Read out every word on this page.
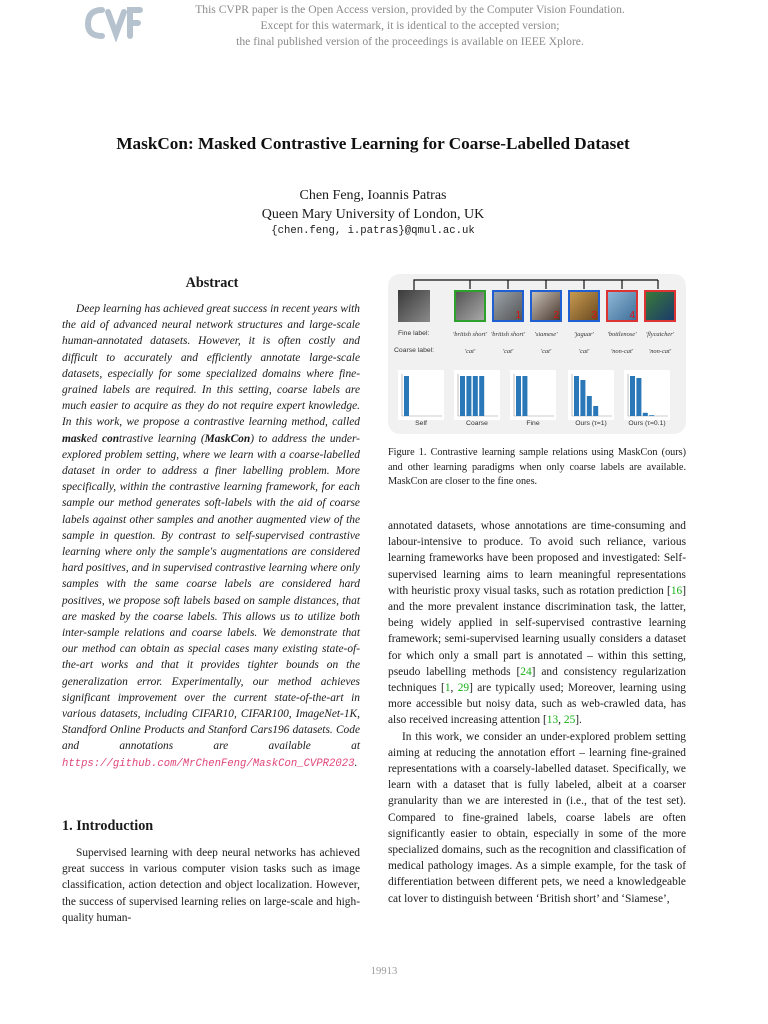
This CVPR paper is the Open Access version, provided by the Computer Vision Foundation.
Except for this watermark, it is identical to the accepted version;
the final published version of the proceedings is available on IEEE Xplore.
MaskCon: Masked Contrastive Learning for Coarse-Labelled Dataset
Chen Feng, Ioannis Patras
Queen Mary University of London, UK
{chen.feng, i.patras}@qmul.ac.uk
Abstract
Deep learning has achieved great success in recent years with the aid of advanced neural network structures and large-scale human-annotated datasets. However, it is often costly and difficult to accurately and efficiently annotate large-scale datasets, especially for some specialized domains where fine-grained labels are required. In this setting, coarse labels are much easier to acquire as they do not require expert knowledge. In this work, we propose a contrastive learning method, called masked contrastive learning (MaskCon) to address the under-explored problem setting, where we learn with a coarse-labelled dataset in order to address a finer labelling problem. More specifically, within the contrastive learning framework, for each sample our method generates soft-labels with the aid of coarse labels against other samples and another augmented view of the sample in question. By contrast to self-supervised contrastive learning where only the sample's augmentations are considered hard positives, and in supervised contrastive learning where only samples with the same coarse labels are considered hard positives, we propose soft labels based on sample distances, that are masked by the coarse labels. This allows us to utilize both inter-sample relations and coarse labels. We demonstrate that our method can obtain as special cases many existing state-of-the-art works and that it provides tighter bounds on the generalization error. Experimentally, our method achieves significant improvement over the current state-of-the-art in various datasets, including CIFAR10, CIFAR100, ImageNet-1K, Standford Online Products and Stanford Cars196 datasets. Code and annotations are available at https://github.com/MrChenFeng/MaskCon_CVPR2023.
1. Introduction
Supervised learning with deep neural networks has achieved great success in various computer vision tasks such as image classification, action detection and object localization. However, the success of supervised learning relies on large-scale and high-quality human-
1	2	3	4
Fine label:
Coarse label:
'british short' 'british short'	'siamese'	'jaguar'	'bottlenose'	'flycatcher'
'cat'	'cat'	'cat'	'cat'	'non-cat'	'non-cat'
Self	Coarse	Fine	Ours (τ=1)	Ours (τ=0.1)
Figure 1. Contrastive learning sample relations using MaskCon (ours) and other learning paradigms when only coarse labels are available. MaskCon are closer to the fine ones.

annotated datasets, whose annotations are time-consuming and labour-intensive to produce. To avoid such reliance, various learning frameworks have been proposed and investigated: Self-supervised learning aims to learn meaningful representations with heuristic proxy visual tasks, such as rotation prediction [16] and the more prevalent instance discrimination task, the latter, being widely applied in self-supervised contrastive learning framework; semi-supervised learning usually considers a dataset for which only a small part is annotated – within this setting, pseudo labelling methods [24] and consistency regularization techniques [1, 29] are typically used; Moreover, learning using more accessible but noisy data, such as web-crawled data, has also received increasing attention [13, 25].

In this work, we consider an under-explored problem setting aiming at reducing the annotation effort – learning fine-grained representations with a coarsely-labelled dataset. Specifically, we learn with a dataset that is fully labeled, albeit at a coarser granularity than we are interested in (i.e., that of the test set). Compared to fine-grained labels, coarse labels are often significantly easier to obtain, especially in some of the more specialized domains, such as the recognition and classification of medical pathology images. As a simple example, for the task of differentiation between different pets, we need a knowledgeable cat lover to distinguish between ‘British short’ and ‘Siamese’,

19913
